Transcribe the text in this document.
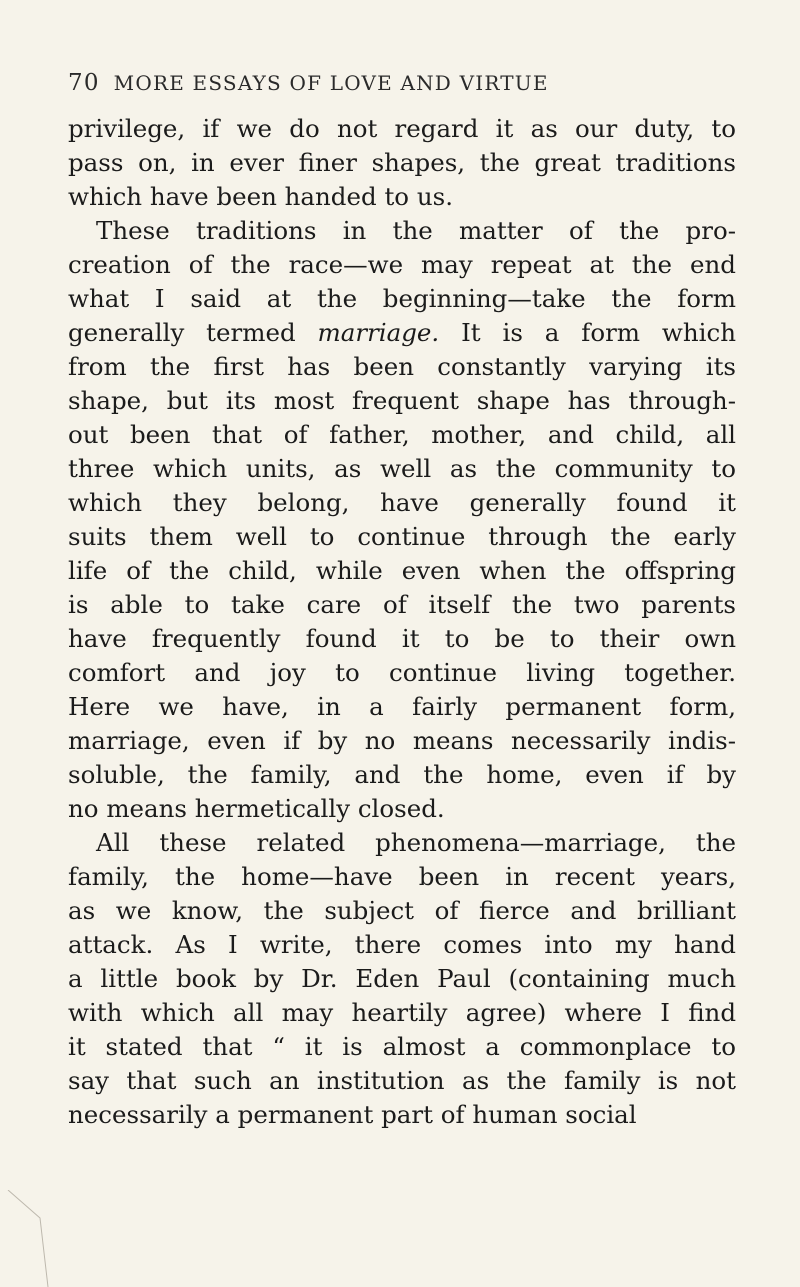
70 MORE ESSAYS OF LOVE AND VIRTUE
privilege, if we do not regard it as our duty, to
pass on, in ever finer shapes, the great traditions
which have been handed to us.
These traditions in the matter of the pro-
creation of the race—we may repeat at the end
what I said at the beginning—take the form
generally termed marriage. It is a form which
from the first has been constantly varying its
shape, but its most frequent shape has through-
out been that of father, mother, and child, all
three which units, as well as the community to
which they belong, have generally found it
suits them well to continue through the early
life of the child, while even when the offspring
is able to take care of itself the two parents
have frequently found it to be to their own
comfort and joy to continue living together.
Here we have, in a fairly permanent form,
marriage, even if by no means necessarily indis-
soluble, the family, and the home, even if by
no means hermetically closed.
All these related phenomena—marriage, the
family, the home—have been in recent years,
as we know, the subject of fierce and brilliant
attack. As I write, there comes into my hand
a little book by Dr. Eden Paul (containing much
with which all may heartily agree) where I find
it stated that “ it is almost a commonplace to
say that such an institution as the family is not
necessarily a permanent part of human social
